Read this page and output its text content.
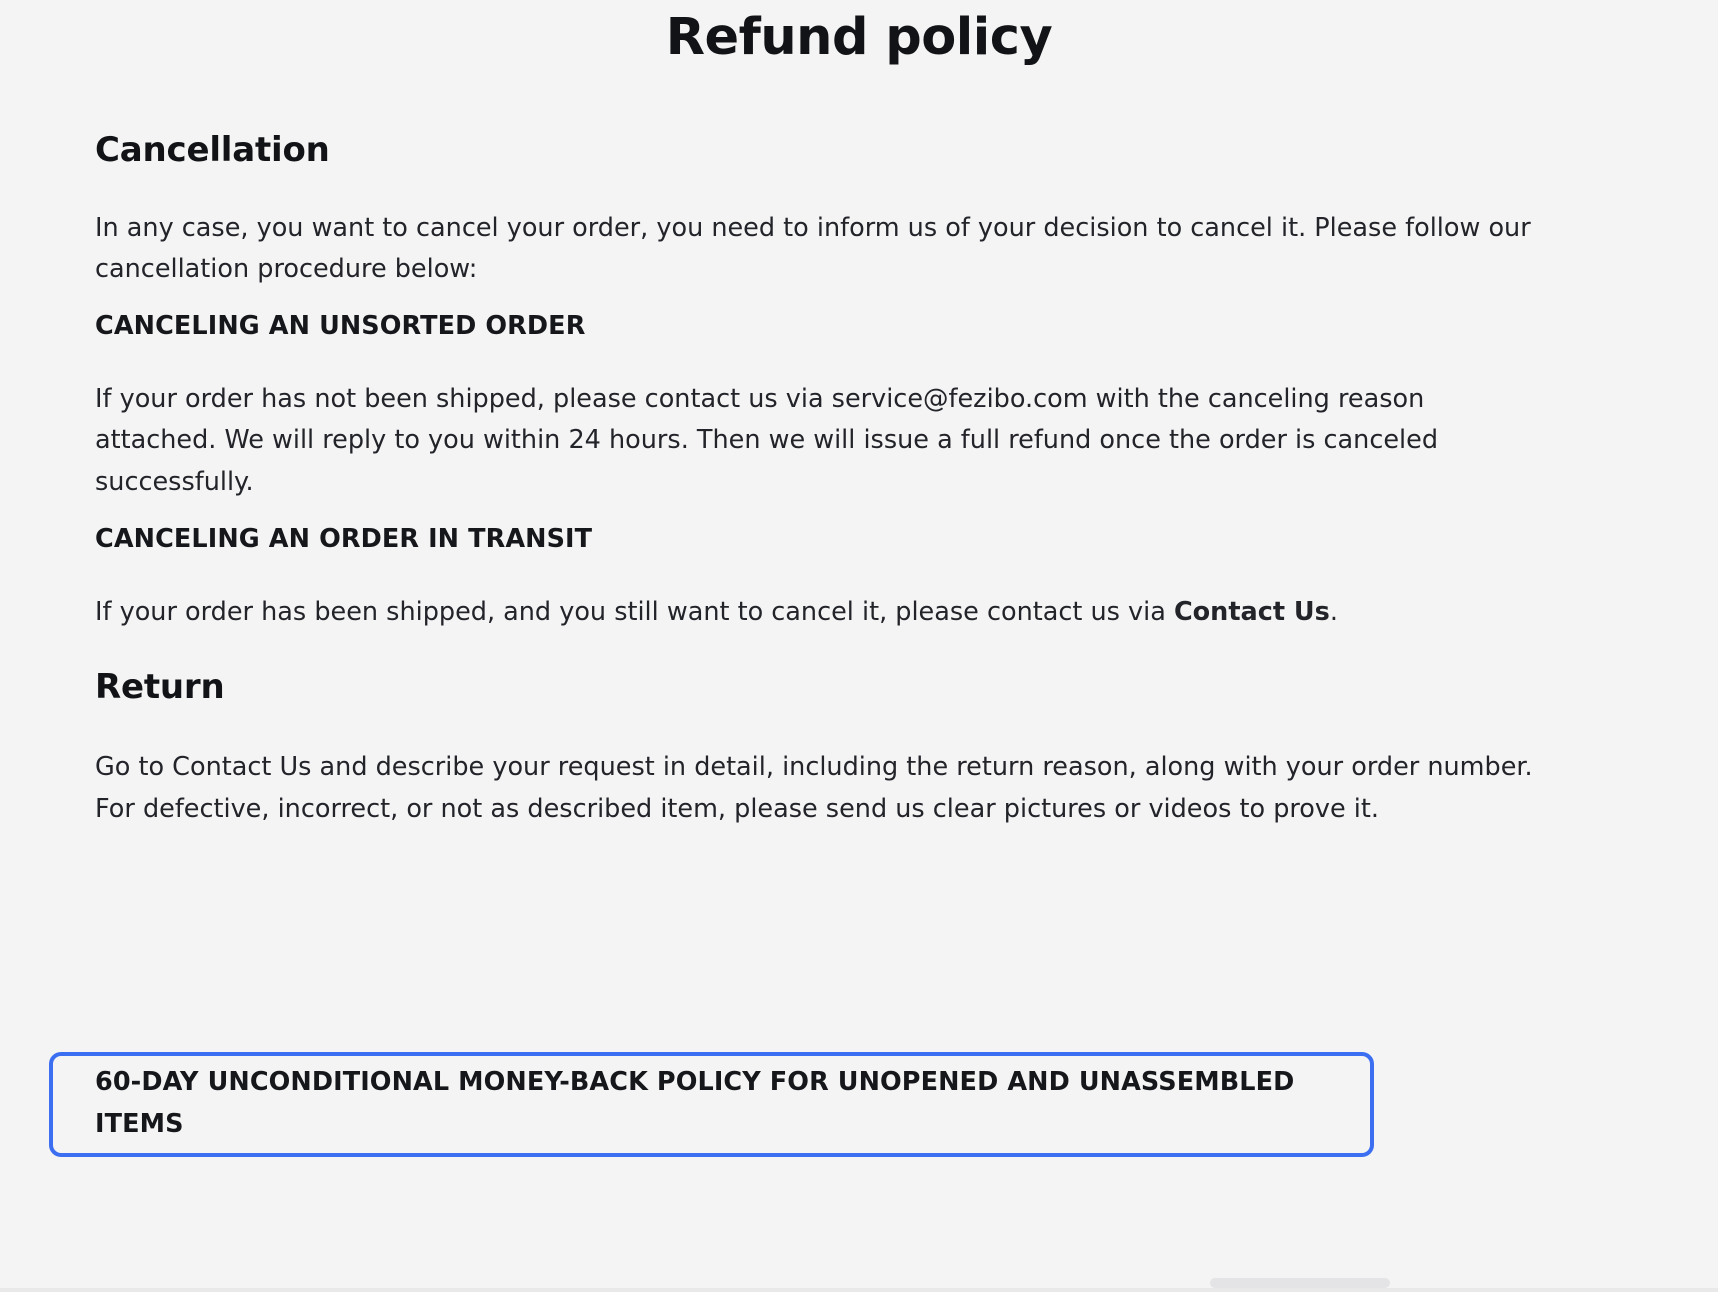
Refund policy
Cancellation

In any case, you want to cancel your order, you need to inform us of your decision to cancel it. Please follow our cancellation procedure below:

CANCELING AN UNSORTED ORDER

If your order has not been shipped, please contact us via service@fezibo.com with the canceling reason attached. We will reply to you within 24 hours. Then we will issue a full refund once the order is canceled successfully.

CANCELING AN ORDER IN TRANSIT

If your order has been shipped, and you still want to cancel it, please contact us via Contact Us.

Return

Go to Contact Us and describe your request in detail, including the return reason, along with your order number. For defective, incorrect, or not as described item, please send us clear pictures or videos to prove it.

60-DAY UNCONDITIONAL MONEY-BACK POLICY FOR UNOPENED AND UNASSEMBLED ITEMS
